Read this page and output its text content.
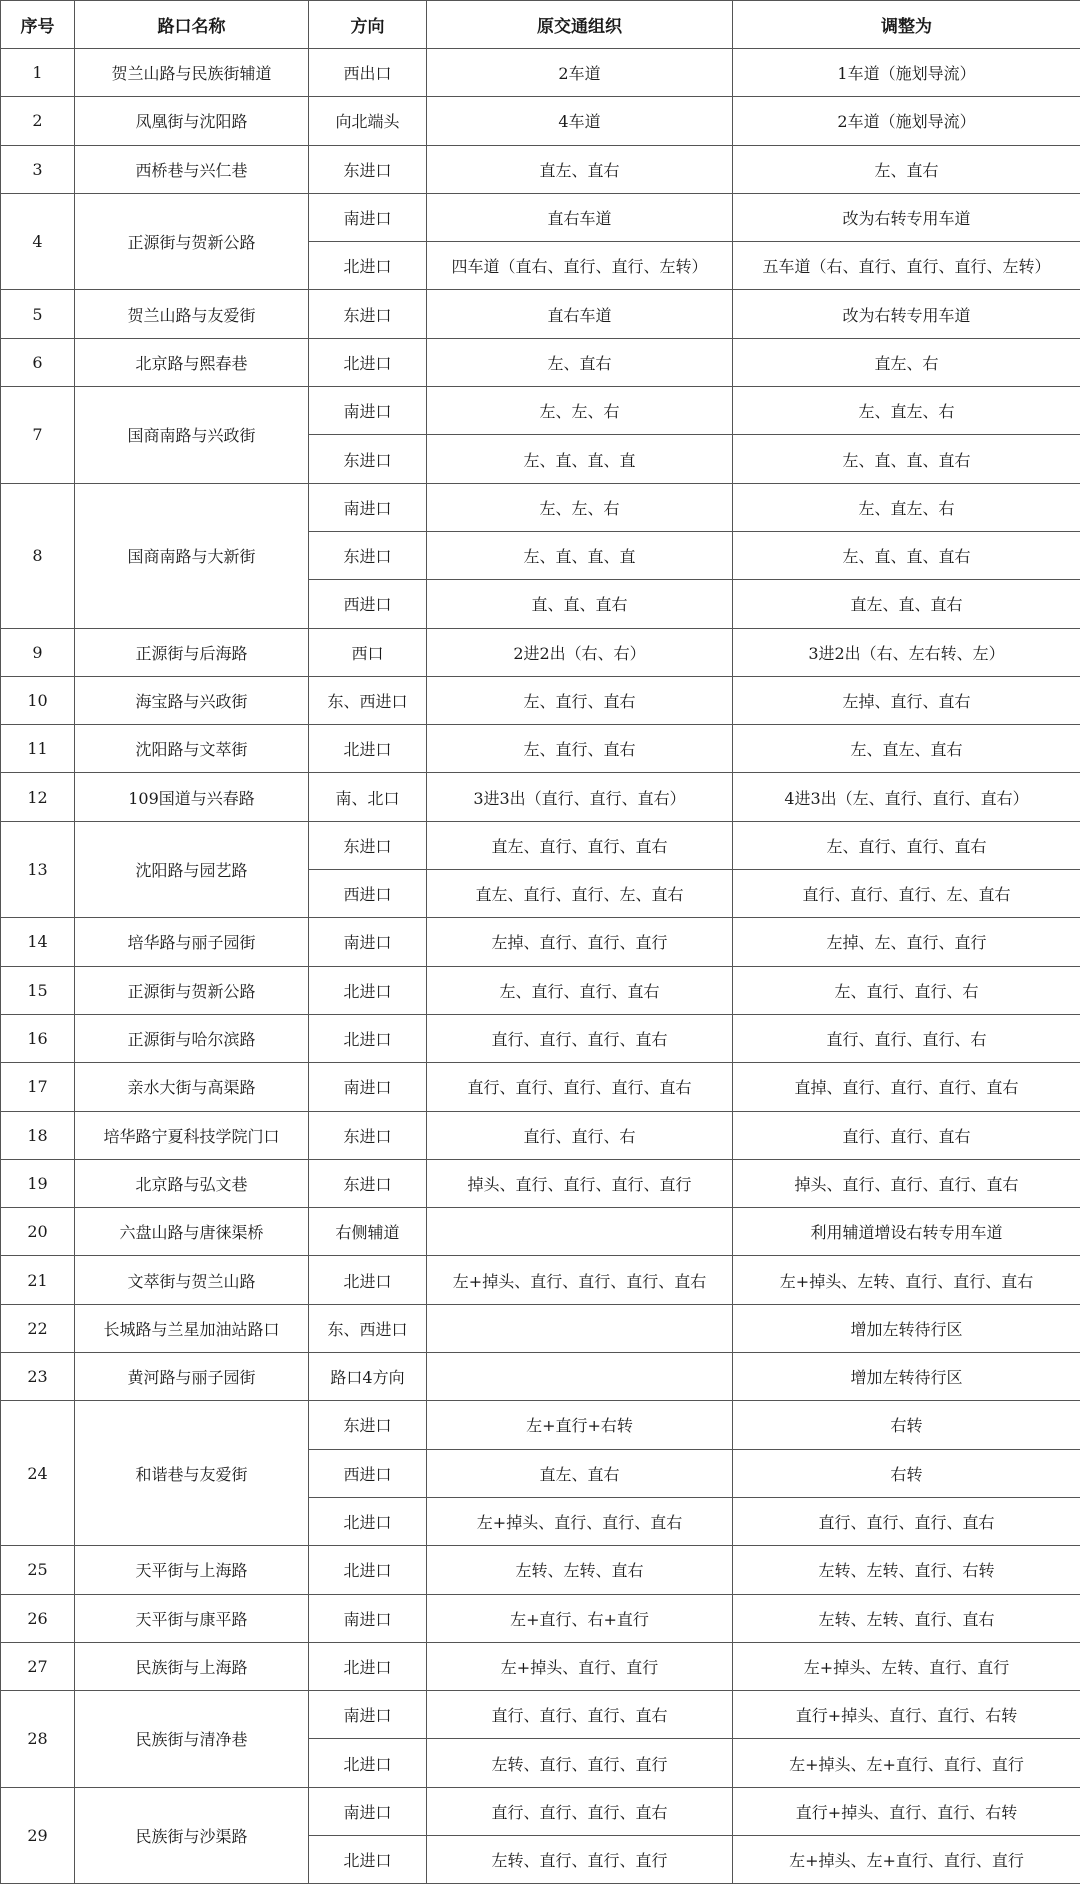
序号	路口名称	方向	原交通组织	调整为
1	贺兰山路与民族街辅道	西出口	2车道	1车道（施划导流）
2	凤凰街与沈阳路	向北端头	4车道	2车道（施划导流）
3	西桥巷与兴仁巷	东进口	直左、直右	左、直右
4	正源街与贺新公路	南进口	直右车道	改为右转专用车道
		北进口	四车道（直右、直行、直行、左转）	五车道（右、直行、直行、直行、左转）
5	贺兰山路与友爱街	东进口	直右车道	改为右转专用车道
6	北京路与熙春巷	北进口	左、直右	直左、右
7	国商南路与兴政街	南进口	左、左、右	左、直左、右
		东进口	左、直、直、直	左、直、直、直右
8	国商南路与大新街	南进口	左、左、右	左、直左、右
		东进口	左、直、直、直	左、直、直、直右
		西进口	直、直、直右	直左、直、直右
9	正源街与后海路	西口	2进2出（右、右）	3进2出（右、左右转、左）
10	海宝路与兴政街	东、西进口	左、直行、直右	左掉、直行、直右
11	沈阳路与文萃街	北进口	左、直行、直右	左、直左、直右
12	109国道与兴春路	南、北口	3进3出（直行、直行、直右）	4进3出（左、直行、直行、直右）
13	沈阳路与园艺路	东进口	直左、直行、直行、直右	左、直行、直行、直右
		西进口	直左、直行、直行、左、直右	直行、直行、直行、左、直右
14	培华路与丽子园街	南进口	左掉、直行、直行、直行	左掉、左、直行、直行
15	正源街与贺新公路	北进口	左、直行、直行、直右	左、直行、直行、右
16	正源街与哈尔滨路	北进口	直行、直行、直行、直右	直行、直行、直行、右
17	亲水大街与高渠路	南进口	直行、直行、直行、直行、直右	直掉、直行、直行、直行、直右
18	培华路宁夏科技学院门口	东进口	直行、直行、右	直行、直行、直右
19	北京路与弘文巷	东进口	掉头、直行、直行、直行、直行	掉头、直行、直行、直行、直右
20	六盘山路与唐徕渠桥	右侧辅道		利用辅道增设右转专用车道
21	文萃街与贺兰山路	北进口	左+掉头、直行、直行、直行、直右	左+掉头、左转、直行、直行、直右
22	长城路与兰星加油站路口	东、西进口		增加左转待行区
23	黄河路与丽子园街	路口4方向		增加左转待行区
24	和谐巷与友爱街	东进口	左+直行+右转	右转
		西进口	直左、直右	右转
		北进口	左+掉头、直行、直行、直右	直行、直行、直行、直右
25	天平街与上海路	北进口	左转、左转、直右	左转、左转、直行、右转
26	天平街与康平路	南进口	左+直行、右+直行	左转、左转、直行、直右
27	民族街与上海路	北进口	左+掉头、直行、直行	左+掉头、左转、直行、直行
28	民族街与清净巷	南进口	直行、直行、直行、直右	直行+掉头、直行、直行、右转
		北进口	左转、直行、直行、直行	左+掉头、左+直行、直行、直行
29	民族街与沙渠路	南进口	直行、直行、直行、直右	直行+掉头、直行、直行、右转
		北进口	左转、直行、直行、直行	左+掉头、左+直行、直行、直行
